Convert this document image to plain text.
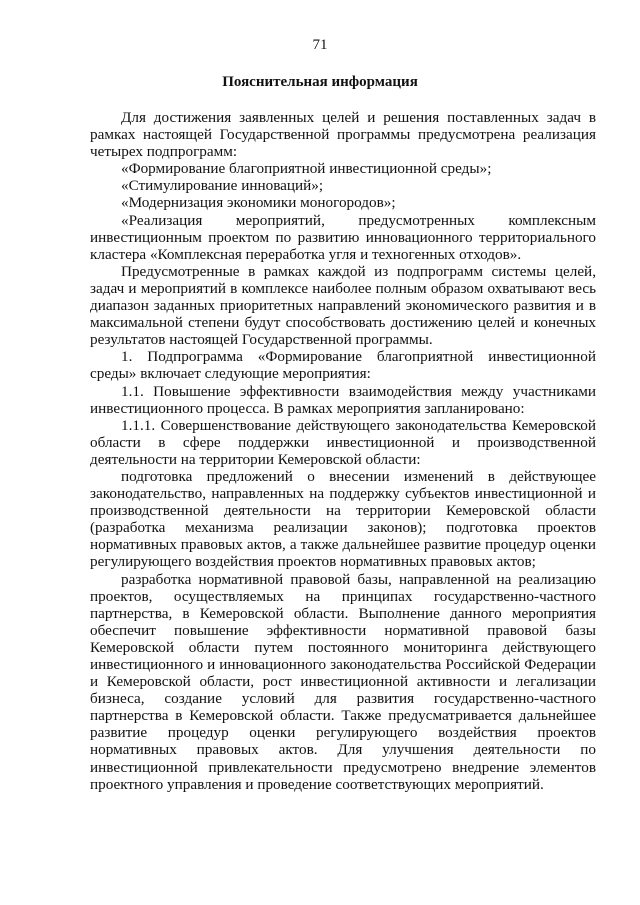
71
Пояснительная информация

Для достижения заявленных целей и решения поставленных задач в рамках настоящей Государственной программы предусмотрена реализация четырех подпрограмм:

«Формирование благоприятной инвестиционной среды»;

«Стимулирование инноваций»;

«Модернизация экономики моногородов»;

«Реализация мероприятий, предусмотренных комплексным инвестиционным проектом по развитию инновационного территориального кластера «Комплексная переработка угля и техногенных отходов».

Предусмотренные в рамках каждой из подпрограмм системы целей, задач и мероприятий в комплексе наиболее полным образом охватывают весь диапазон заданных приоритетных направлений экономического развития и в максимальной степени будут способствовать достижению целей и конечных результатов настоящей Государственной программы.

1. Подпрограмма «Формирование благоприятной инвестиционной среды» включает следующие мероприятия:

1.1. Повышение эффективности взаимодействия между участниками инвестиционного процесса. В рамках мероприятия запланировано:

1.1.1. Совершенствование действующего законодательства Кемеровской области в сфере поддержки инвестиционной и производственной деятельности на территории Кемеровской области:

подготовка предложений о внесении изменений в действующее законодательство, направленных на поддержку субъектов инвестиционной и производственной деятельности на территории Кемеровской области (разработка механизма реализации законов); подготовка проектов нормативных правовых актов, а также дальнейшее развитие процедур оценки регулирующего воздействия проектов нормативных правовых актов;

разработка нормативной правовой базы, направленной на реализацию проектов, осуществляемых на принципах государственно-частного партнерства, в Кемеровской области. Выполнение данного мероприятия обеспечит повышение эффективности нормативной правовой базы Кемеровской области путем постоянного мониторинга действующего инвестиционного и инновационного законодательства Российской Федерации и Кемеровской области, рост инвестиционной активности и легализации бизнеса, создание условий для развития государственно-частного партнерства в Кемеровской области. Также предусматривается дальнейшее развитие процедур оценки регулирующего воздействия проектов нормативных правовых актов. Для улучшения деятельности по инвестиционной привлекательности предусмотрено внедрение элементов проектного управления и проведение соответствующих мероприятий.
